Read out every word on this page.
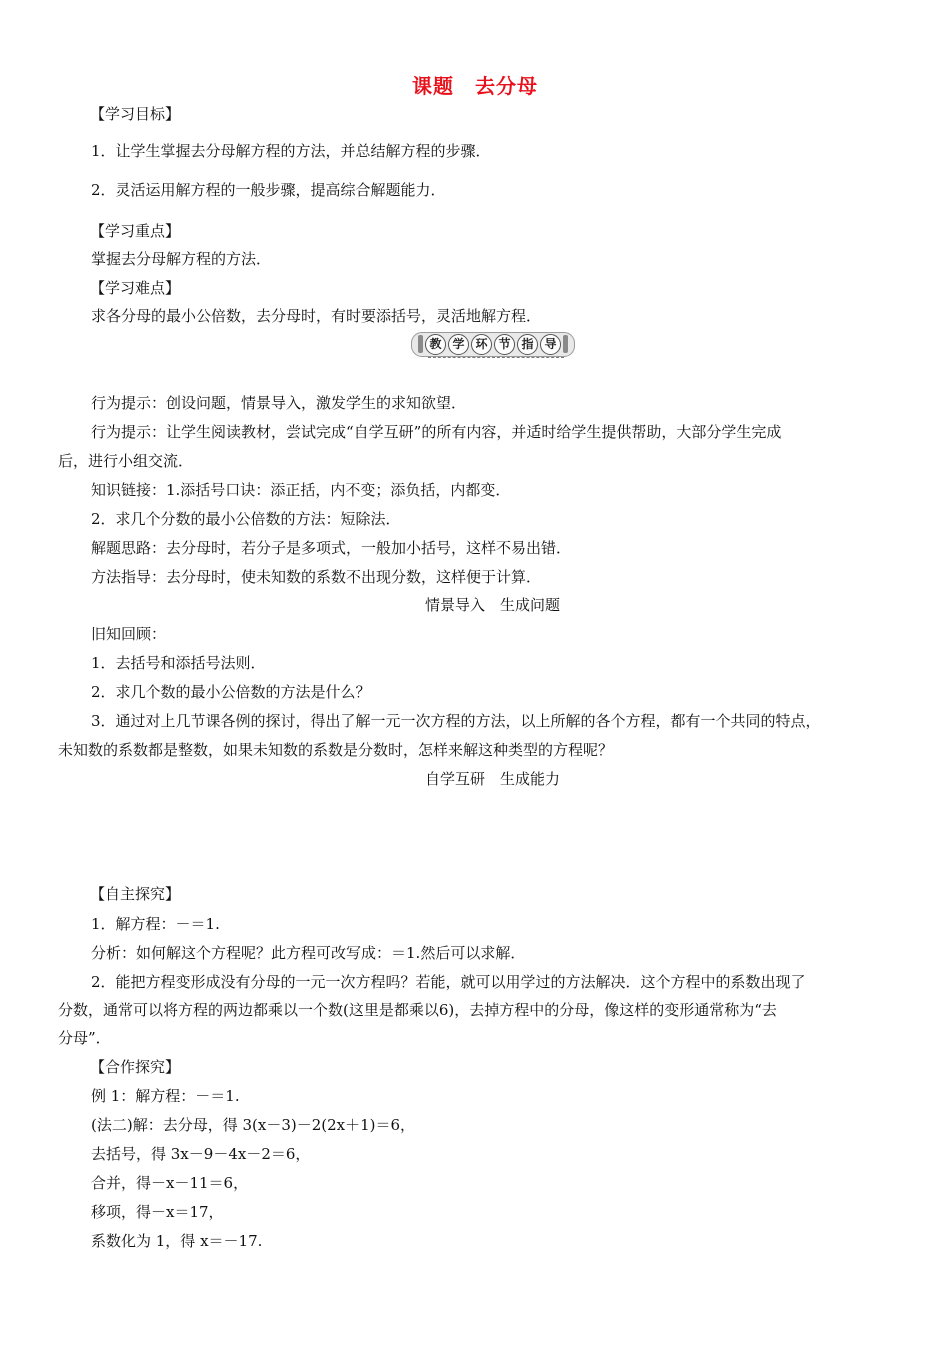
课题　去分母
【学习目标】
1．让学生掌握去分母解方程的方法，并总结解方程的步骤．
2．灵活运用解方程的一般步骤，提高综合解题能力．
【学习重点】
掌握去分母解方程的方法．
【学习难点】
求各分母的最小公倍数，去分母时，有时要添括号，灵活地解方程．
教 学 环 节 指 导
行为提示：创设问题，情景导入，激发学生的求知欲望．
行为提示：让学生阅读教材，尝试完成“自学互研”的所有内容，并适时给学生提供帮助，大部分学生完成
后，进行小组交流．
知识链接：1.添括号口诀：添正括，内不变；添负括，内都变．
2．求几个分数的最小公倍数的方法：短除法．
解题思路：去分母时，若分子是多项式，一般加小括号，这样不易出错．
方法指导：去分母时，使未知数的系数不出现分数，这样便于计算．
情景导入　生成问题
旧知回顾：
1．去括号和添括号法则．
2．求几个数的最小公倍数的方法是什么？
3．通过对上几节课各例的探讨，得出了解一元一次方程的方法，以上所解的各个方程，都有一个共同的特点，
未知数的系数都是整数，如果未知数的系数是分数时，怎样来解这种类型的方程呢？
自学互研　生成能力
【自主探究】
1．解方程：－＝1.
分析：如何解这个方程呢？此方程可改写成：＝1.然后可以求解．
2．能把方程变形成没有分母的一元一次方程吗？若能，就可以用学过的方法解决．这个方程中的系数出现了
分数，通常可以将方程的两边都乘以一个数(这里是都乘以6)，去掉方程中的分母，像这样的变形通常称为“去
分母”．
【合作探究】
例 1：解方程：－＝1.
(法二)解：去分母，得 3(x－3)－2(2x＋1)＝6，
去括号，得 3x－9－4x－2＝6，
合并，得－x－11＝6，
移项，得－x＝17，
系数化为 1，得 x＝－17.
